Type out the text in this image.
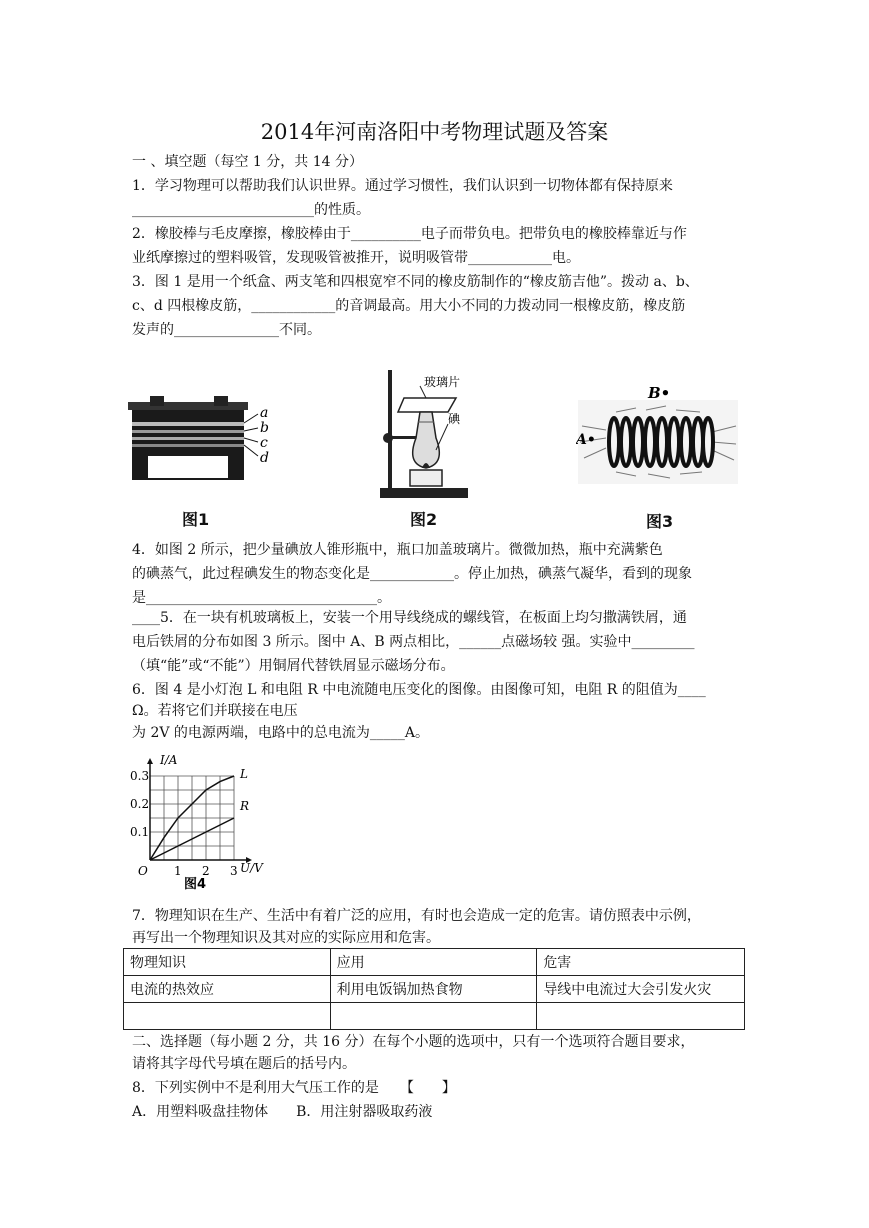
2014年河南洛阳中考物理试题及答案
一 、填空题（每空 1 分，共 14 分）
1．学习物理可以帮助我们认识世界。通过学习惯性，我们认识到一切物体都有保持原来
__________________________的性质。
2．橡胶棒与毛皮摩擦，橡胶棒由于__________电子而带负电。把带负电的橡胶棒靠近与作
业纸摩擦过的塑料吸管，发现吸管被推开，说明吸管带____________电。
3．图 1 是用一个纸盒、两支笔和四根宽窄不同的橡皮筋制作的“橡皮筋吉他”。拨动 a、b、
c、d 四根橡皮筋，____________的音调最高。用大小不同的力拨动同一根橡皮筋，橡皮筋
发声的_______________不同。
a
b
c
d
图1
玻璃片
碘
图2
B•
A•
图3
4．如图 2 所示，把少量碘放人锥形瓶中，瓶口加盖玻璃片。微微加热，瓶中充满紫色
的碘蒸气，此过程碘发生的物态变化是____________。停止加热，碘蒸气凝华，看到的现象
是_________________________________。
____5．在一块有机玻璃板上，安装一个用导线绕成的螺线管，在板面上均匀撒满铁屑，通
电后铁屑的分布如图 3 所示。图中 A、B 两点相比，______点磁场较 强。实验中_________
（填“能”或“不能”）用铜屑代替铁屑显示磁场分布。
6．图 4 是小灯泡 L 和电阻 R 中电流随电压变化的图像。由图像可知，电阻 R 的阻值为____
Ω。若将它们并联接在电压
为 2V 的电源两端，电路中的总电流为_____A。
L
R
O 1 2 3
0.1
0.2
0.3
I/A
U/V
图4
7．物理知识在生产、生活中有着广泛的应用，有时也会造成一定的危害。请仿照表中示例，
再写出一个物理知识及其对应的实际应用和危害。
物理知识	应用	危害
电流的热效应	利用电饭锅加热食物	导线中电流过大会引发火灾

二、选择题（每小题 2 分，共 16 分）在每个小题的选项中，只有一个选项符合题目要求，
请将其字母代号填在题后的括号内。
8．下列实例中不是利用大气压工作的是　　【　　】
A．用塑料吸盘挂物体　　B．用注射器吸取药液
